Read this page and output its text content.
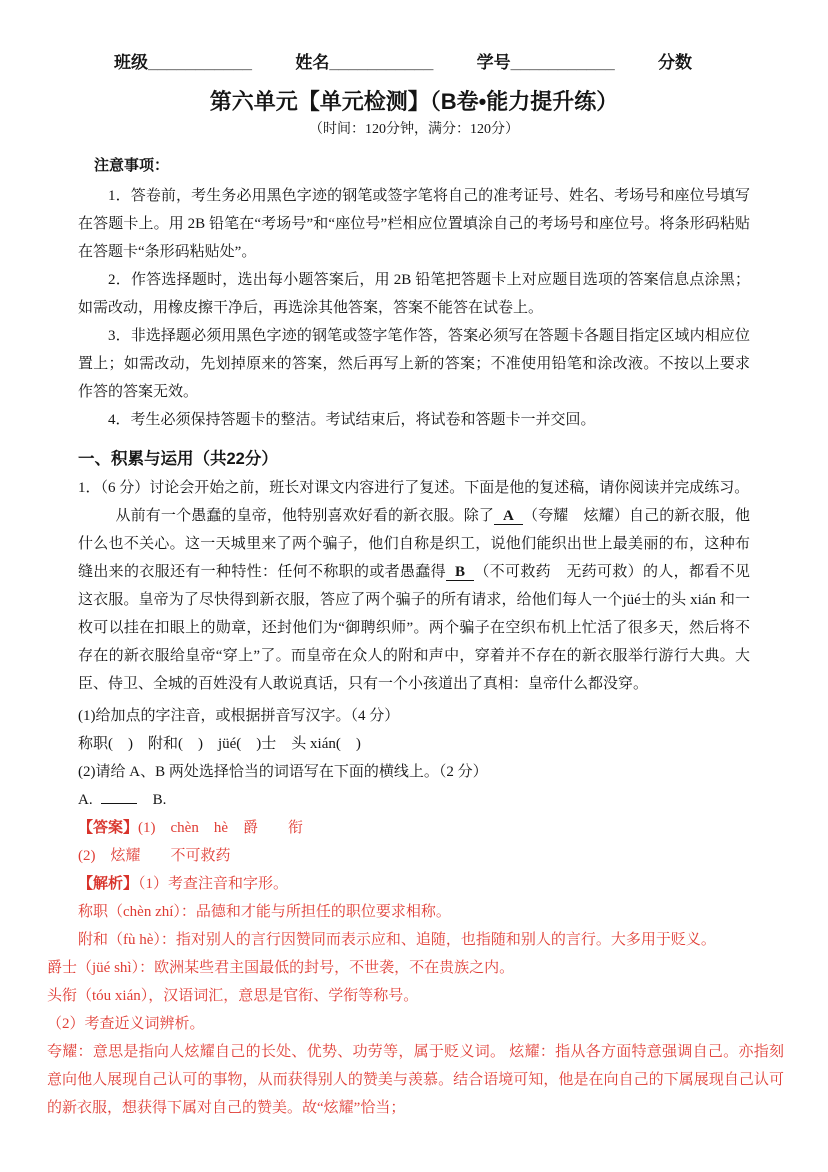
班级___________	姓名___________	学号___________	分数
第六单元【单元检测】（B卷•能力提升练）
（时间：120分钟，满分：120分）
注意事项：

1．答卷前，考生务必用黑色字迹的钢笔或签字笔将自己的准考证号、姓名、考场号和座位号填写在答题卡上。用 2B 铅笔在“考场号”和“座位号”栏相应位置填涂自己的考场号和座位号。将条形码粘贴在答题卡“条形码粘贴处”。

2．作答选择题时，选出每小题答案后，用 2B 铅笔把答题卡上对应题目选项的答案信息点涂黑；如需改动，用橡皮擦干净后，再选涂其他答案，答案不能答在试卷上。

3．非选择题必须用黑色字迹的钢笔或签字笔作答，答案必须写在答题卡各题目指定区域内相应位置上；如需改动，先划掉原来的答案，然后再写上新的答案；不准使用铅笔和涂改液。不按以上要求作答的答案无效。

4．考生必须保持答题卡的整洁。考试结束后，将试卷和答题卡一并交回。

一、积累与运用（共22分）

1．（6 分）讨论会开始之前，班长对课文内容进行了复述。下面是他的复述稿，请你阅读并完成练习。

从前有一个愚蠢的皇帝，他特别喜欢好看的新衣服。除了 A （夸耀　炫耀）自己的新衣服，他什么也不关心。这一天城里来了两个骗子，他们自称是织工，说他们能织出世上最美丽的布，这种布缝出来的衣服还有一种特性：任何不称职的或者愚蠢得 B （不可救药　无药可救）的人，都看不见这衣服。皇帝为了尽快得到新衣服，答应了两个骗子的所有请求，给他们每人一个jüé士的头 xián 和一枚可以挂在扣眼上的勋章，还封他们为“御聘织师”。两个骗子在空织布机上忙活了很多天，然后将不存在的新衣服给皇帝“穿上”了。而皇帝在众人的附和声中，穿着并不存在的新衣服举行游行大典。大臣、侍卫、全城的百姓没有人敢说真话，只有一个小孩道出了真相：皇帝什么都没穿。

(1)给加点的字注音，或根据拼音写汉字。（4 分）

称职(　)　附和(　)　jüé(　)士　头 xián(　)

(2)请给 A、B 两处选择恰当的词语写在下面的横线上。（2 分）

A.	B.

【答案】(1)　chèn　hè　爵　　衔

(2)　炫耀　　不可救药

【解析】（1）考查注音和字形。

称职（chèn zhí）：品德和才能与所担任的职位要求相称。

附和（fù hè）：指对别人的言行因赞同而表示应和、追随，也指随和别人的言行。大多用于贬义。

爵士（jüé shì）：欧洲某些君主国最低的封号，不世袭，不在贵族之内。

头衔（tóu xián），汉语词汇，意思是官衔、学衔等称号。

（2）考查近义词辨析。

夸耀：意思是指向人炫耀自己的长处、优势、功劳等，属于贬义词。 炫耀：指从各方面特意强调自己。亦指刻意向他人展现自己认可的事物，从而获得别人的赞美与羡慕。结合语境可知，他是在向自己的下属展现自己认可的新衣服，想获得下属对自己的赞美。故“炫耀”恰当；
